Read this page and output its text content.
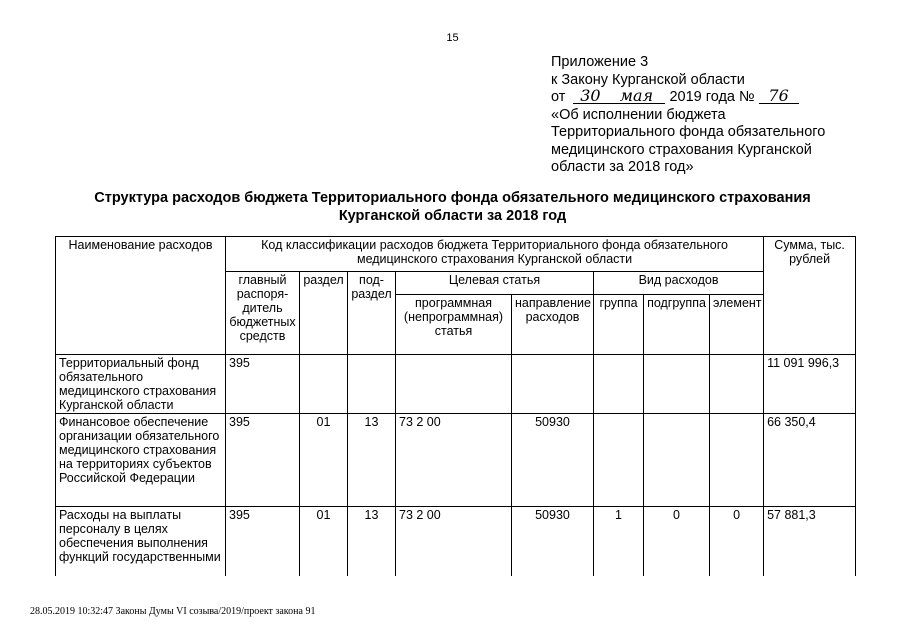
15
Приложение 3
к Закону Курганской области
от 30 мая 2019 года № 76
«Об исполнении бюджета
Территориального фонда обязательного
медицинского страхования Курганской
области за 2018 год»
Структура расходов бюджета Территориального фонда обязательного медицинского страхования
Курганской области за 2018 год
Наименование расходов	Код классификации расходов бюджета Территориального фонда обязательного медицинского страхования Курганской области								Сумма, тыс. рублей
	главный распоря-дитель бюджетных средств	раздел	под-раздел	Целевая статья		Вид расходов			
				программная (непрограммная) статья	направление расходов	группа	подгруппа	элемент	
Территориальный фонд обязательного медицинского страхования Курганской области	395								11 091 996,3
Финансовое обеспечение организации обязательного медицинского страхования на территориях субъектов Российской Федерации	395	01	13	73 2 00	50930				66 350,4
Расходы на выплаты персоналу в целях обеспечения выполнения функций государственными	395	01	13	73 2 00	50930	1	0	0	57 881,3
28.05.2019 10:32:47 Законы Думы VI созыва/2019/проект закона 91
